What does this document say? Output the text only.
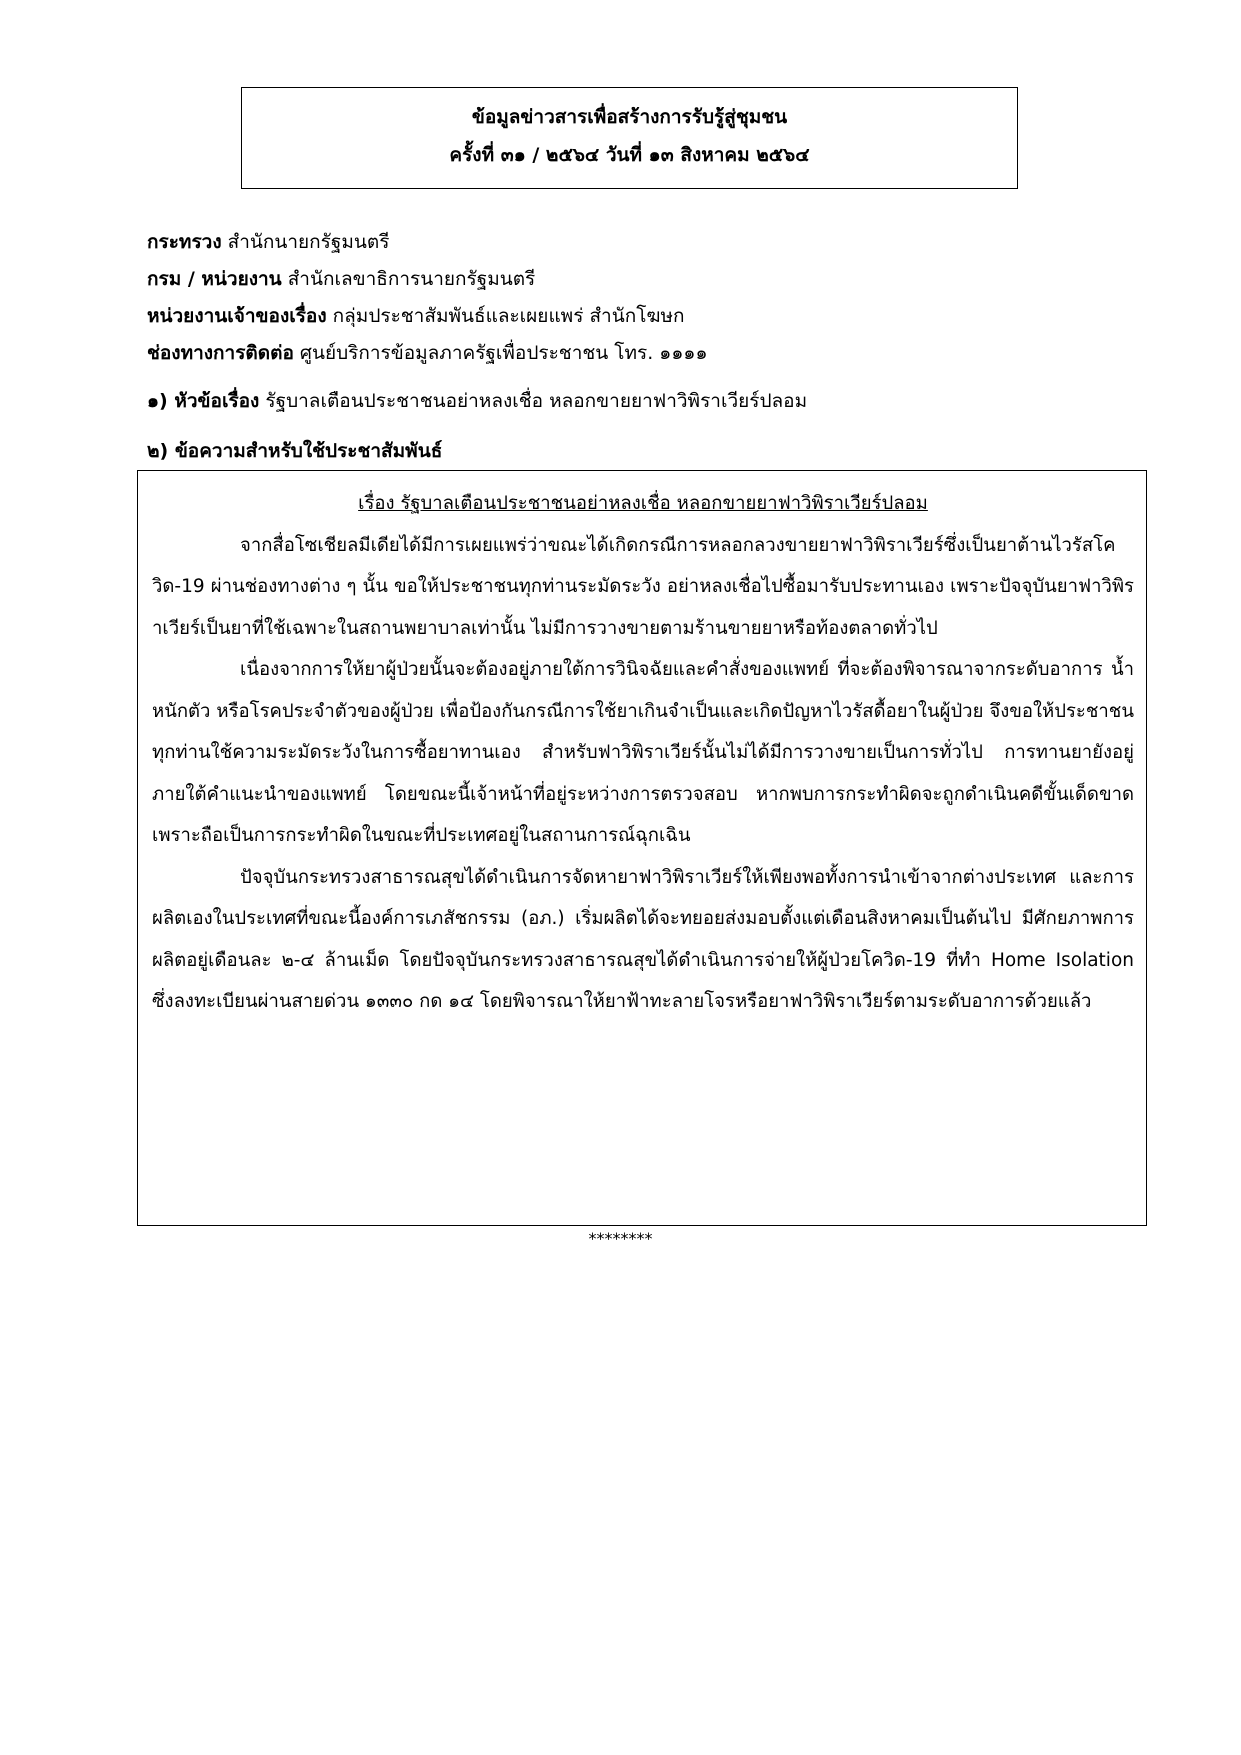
ข้อมูลข่าวสารเพื่อสร้างการรับรู้สู่ชุมชน
ครั้งที่ ๓๑ / ๒๕๖๔ วันที่ ๑๓ สิงหาคม ๒๕๖๔
กระทรวง สำนักนายกรัฐมนตรี
กรม / หน่วยงาน สำนักเลขาธิการนายกรัฐมนตรี
หน่วยงานเจ้าของเรื่อง กลุ่มประชาสัมพันธ์และเผยแพร่ สำนักโฆษก
ช่องทางการติดต่อ ศูนย์บริการข้อมูลภาครัฐเพื่อประชาชน โทร. ๑๑๑๑
๑) หัวข้อเรื่อง รัฐบาลเตือนประชาชนอย่าหลงเชื่อ หลอกขายยาฟาวิพิราเวียร์ปลอม
๒) ข้อความสำหรับใช้ประชาสัมพันธ์

เรื่อง รัฐบาลเตือนประชาชนอย่าหลงเชื่อ หลอกขายยาฟาวิพิราเวียร์ปลอม

จากสื่อโซเชียลมีเดียได้มีการเผยแพร่ว่าขณะได้เกิดกรณีการหลอกลวงขายยาฟาวิพิราเวียร์ซึ่งเป็นยาต้านไวรัสโควิด-19 ผ่านช่องทางต่าง ๆ นั้น ขอให้ประชาชนทุกท่านระมัดระวัง อย่าหลงเชื่อไปซื้อมารับประทานเอง เพราะปัจจุบันยาฟาวิพิราเวียร์เป็นยาที่ใช้เฉพาะในสถานพยาบาลเท่านั้น ไม่มีการวางขายตามร้านขายยาหรือท้องตลาดทั่วไป

เนื่องจากการให้ยาผู้ป่วยนั้นจะต้องอยู่ภายใต้การวินิจฉัยและคำสั่งของแพทย์ ที่จะต้องพิจารณาจากระดับอาการ น้ำหนักตัว หรือโรคประจำตัวของผู้ป่วย เพื่อป้องกันกรณีการใช้ยาเกินจำเป็นและเกิดปัญหาไวรัสดื้อยาในผู้ป่วย จึงขอให้ประชาชนทุกท่านใช้ความระมัดระวังในการซื้อยาทานเอง สำหรับฟาวิพิราเวียร์นั้นไม่ได้มีการวางขายเป็นการทั่วไป การทานยายังอยู่ภายใต้คำแนะนำของแพทย์ โดยขณะนี้เจ้าหน้าที่อยู่ระหว่างการตรวจสอบ หากพบการกระทำผิดจะถูกดำเนินคดีขั้นเด็ดขาดเพราะถือเป็นการกระทำผิดในขณะที่ประเทศอยู่ในสถานการณ์ฉุกเฉิน

ปัจจุบันกระทรวงสาธารณสุขได้ดำเนินการจัดหายาฟาวิพิราเวียร์ให้เพียงพอทั้งการนำเข้าจากต่างประเทศ และการผลิตเองในประเทศที่ขณะนี้องค์การเภสัชกรรม (อภ.) เริ่มผลิตได้จะทยอยส่งมอบตั้งแต่เดือนสิงหาคมเป็นต้นไป มีศักยภาพการผลิตอยู่เดือนละ ๒-๔ ล้านเม็ด โดยปัจจุบันกระทรวงสาธารณสุขได้ดำเนินการจ่ายให้ผู้ป่วยโควิด-19 ที่ทำ Home Isolation ซึ่งลงทะเบียนผ่านสายด่วน ๑๓๓๐ กด ๑๔ โดยพิจารณาให้ยาฟ้าทะลายโจรหรือยาฟาวิพิราเวียร์ตามระดับอาการด้วยแล้ว

********
